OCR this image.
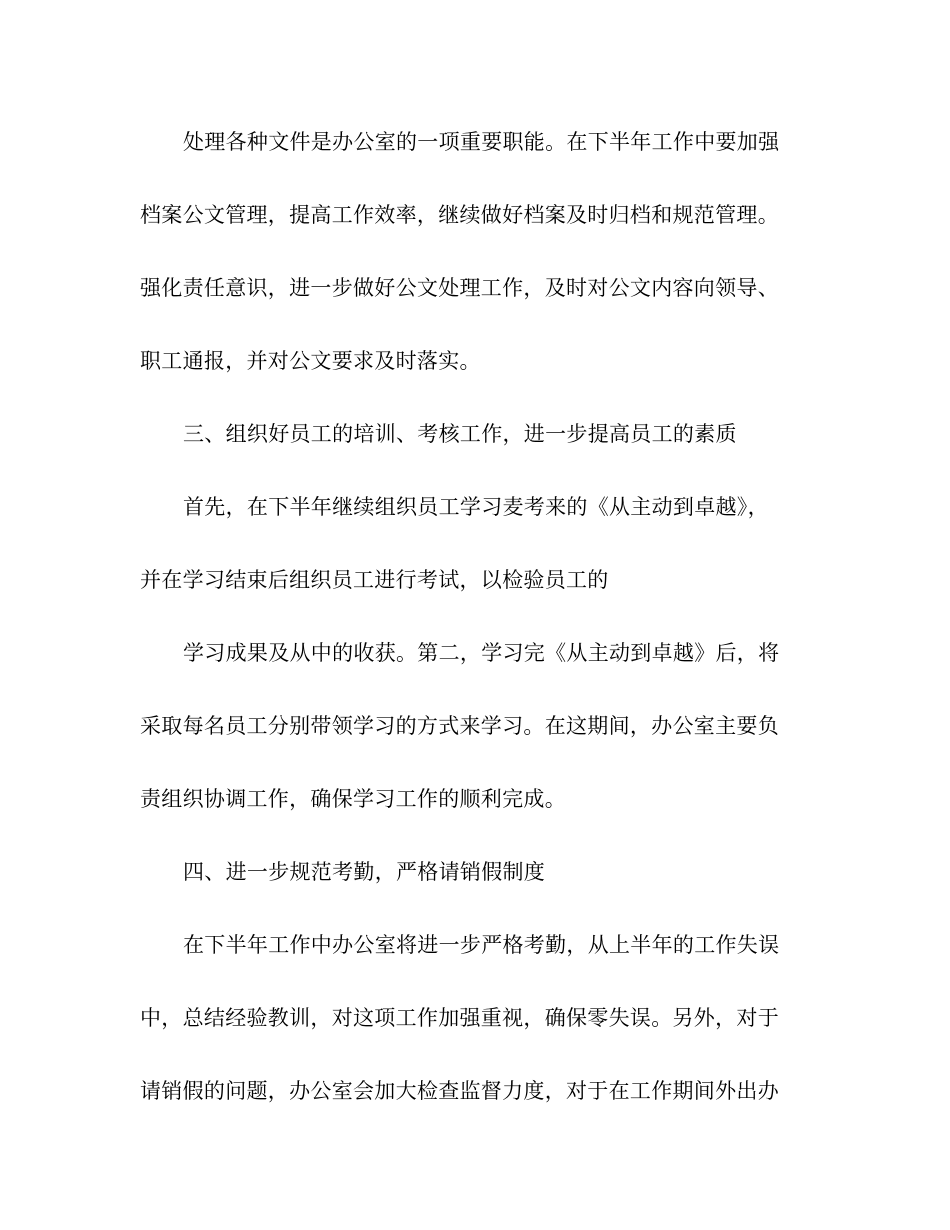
处理各种文件是办公室的一项重要职能。在下半年工作中要加强
档案公文管理，提高工作效率，继续做好档案及时归档和规范管理。
强化责任意识，进一步做好公文处理工作，及时对公文内容向领导、
职工通报，并对公文要求及时落实。
三、组织好员工的培训、考核工作，进一步提高员工的素质
首先，在下半年继续组织员工学习麦考来的《从主动到卓越》，
并在学习结束后组织员工进行考试，以检验员工的
学习成果及从中的收获。第二，学习完《从主动到卓越》后，将
采取每名员工分别带领学习的方式来学习。在这期间，办公室主要负
责组织协调工作，确保学习工作的顺利完成。
四、进一步规范考勤，严格请销假制度
在下半年工作中办公室将进一步严格考勤，从上半年的工作失误
中，总结经验教训，对这项工作加强重视，确保零失误。另外，对于
请销假的问题，办公室会加大检查监督力度，对于在工作期间外出办
